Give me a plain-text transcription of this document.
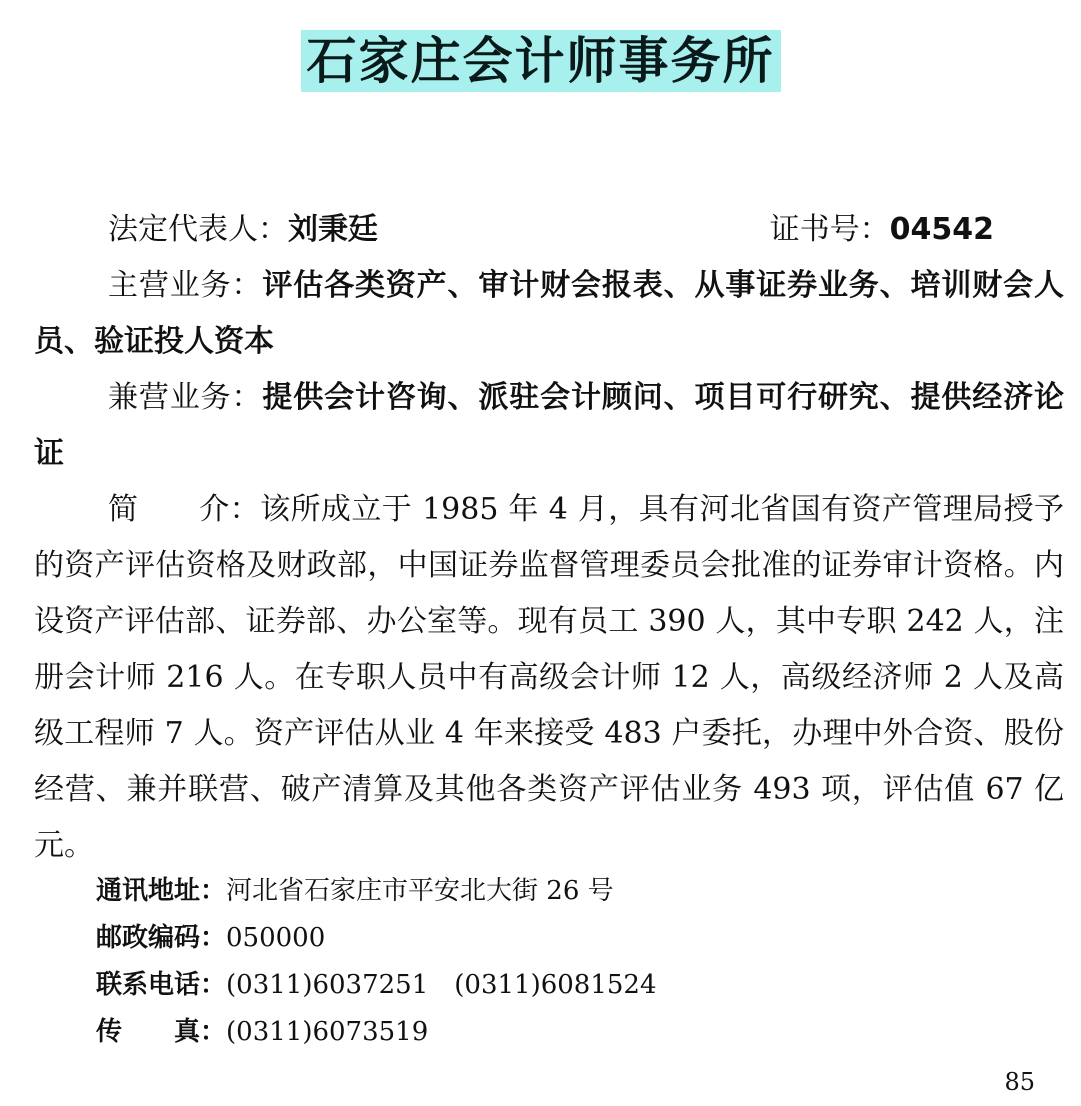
石家庄会计师事务所
法定代表人：刘秉廷	证书号：04542

主营业务：评估各类资产、审计财会报表、从事证券业务、培训财会人员、验证投人资本

兼营业务：提供会计咨询、派驻会计顾问、项目可行研究、提供经济论证

简　　介：该所成立于 1985 年 4 月，具有河北省国有资产管理局授予的资产评估资格及财政部，中国证券监督管理委员会批准的证券审计资格。内设资产评估部、证券部、办公室等。现有员工 390 人，其中专职 242 人，注册会计师 216 人。在专职人员中有高级会计师 12 人，高级经济师 2 人及高级工程师 7 人。资产评估从业 4 年来接受 483 户委托，办理中外合资、股份经营、兼并联营、破产清算及其他各类资产评估业务 493 项，评估值 67 亿元。

通讯地址：河北省石家庄市平安北大街 26 号
邮政编码：050000
联系电话：(0311)6037251　(0311)6081524
传　　真：(0311)6073519
85
